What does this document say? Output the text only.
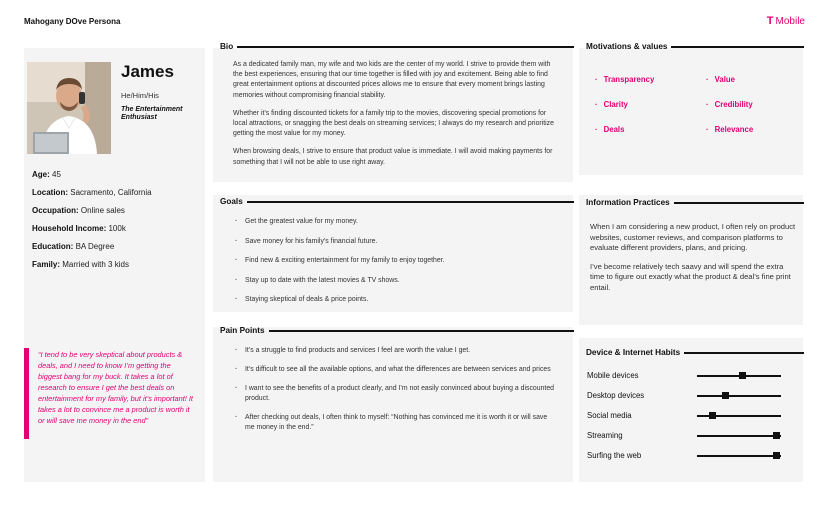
Mahogany DOve Persona	T Mobile
James
He/Him/His
The Entertainment Enthusiast
Age: 45
Location: Sacramento, California
Occupation: Online sales
Household Income: 100k
Education: BA Degree
Family: Married with 3 kids
“I tend to be very skeptical about products & deals, and I need to know I’m getting the biggest bang for my buck. It takes a lot of research to ensure I get the best deals on entertainment for my family, but it’s important! It takes a lot to convince me a product is worth it or will save me money in the end”
Bio

As a dedicated family man, my wife and two kids are the center of my world. I strive to provide them with the best experiences, ensuring that our time together is filled with joy and excitement. Being able to find great entertainment options at discounted prices allows me to ensure that every moment brings lasting memories without compromising financial stability.

Whether it’s finding discounted tickets for a family trip to the movies, discovering special promotions for local attractions, or snagging the best deals on streaming services; I always do my research and prioritize getting the most value for my money.

When browsing deals, I strive to ensure that product value is immediate. I will avoid making payments for something that I will not be able to use right away.

Goals
· Get the greatest value for my money.
· Save money for his family’s financial future.
· Find new & exciting entertainment for my family to enjoy together.
· Stay up to date with the latest movies & TV shows.
· Staying skeptical of deals & price points.
Pain Points
· It’s a struggle to find products and services I feel are worth the value I get.
· It’s difficult to see all the available options, and what the differences are between services and prices
· I want to see the benefits of a product clearly, and I’m not easily convinced about buying a discounted product.
· After checking out deals, I often think to myself: “Nothing has convinced me it is worth it or will save me money in the end.”
Motivations & values
· Transparency	· Value
· Clarity	· Credibility
· Deals	· Relevance
Information Practices

When I am considering a new product, I often rely on product websites, customer reviews, and comparison platforms to evaluate different providers, plans, and pricing.

I’ve become relatively tech saavy and will spend the extra time to figure out exactly what the product & deal’s fine print entail.

Device & Internet Habits
Mobile devices
Desktop devices
Social media
Streaming
Surfing the web
